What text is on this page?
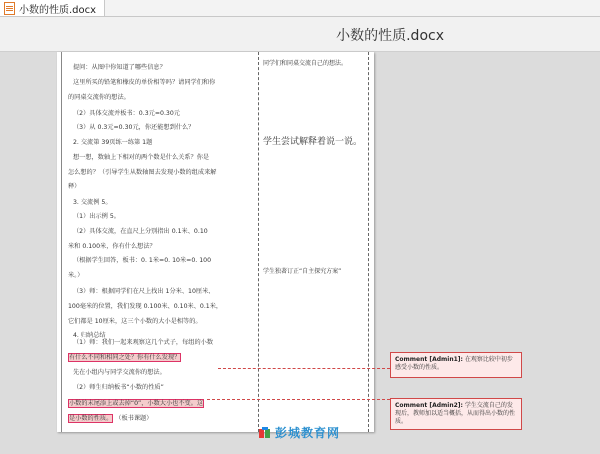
小数的性质.docx
小数的性质.docx
提问：从图中你知道了哪些信息？
这里所买的铅笔和橡皮的单价相等吗？请同学们和你
的同桌交流你的想法。
（2）具体交流并板书：0.3元=0.30元
（3）从 0.3元=0.30元，你还能想到什么？
2. 交流第 39页练一练第 1题
想一想，数轴上下相对的两个数是什么关系？你是
怎么想的？（引导学生从数轴图去发现小数的组成来解
释）
3. 交流例 5。
（1）出示例 5。
（2）具体交流，在直尺上分别指出 0.1米、0.10
米和 0.100米，你有什么想法？
（根据学生回答，板书：0. 1米=0. 10米=0. 100
米。）
（3）师：根据同学们在尺上找出 1分米、10厘米、
100毫米的位置，我们发现 0.100米、0.10米、0.1米，
它们都是 10厘米，这三个小数的大小是相等的。
4. 归纳总结
（1）师：我们一起来观察这几个式子，每组的小数
有什么不同和相同之处？你有什么发现？
先在小组内与同学交流你的想法。
（2）师生归纳板书“小数的性质”
小数的末尾添上或去掉“0”，小数大小也不变。这
是小数的性质。 （板书课题）
同学们和同桌交流自己的想法。
学生尝试解释着说一说。
学生独著订正“自主探究方案”
Comment [Admin1]: 在观察比较中初步感受小数的性质。
Comment [Admin2]: 学生交流自己的发现后，教师加以适当概括，从而得出小数的性质。
彭城教育网
